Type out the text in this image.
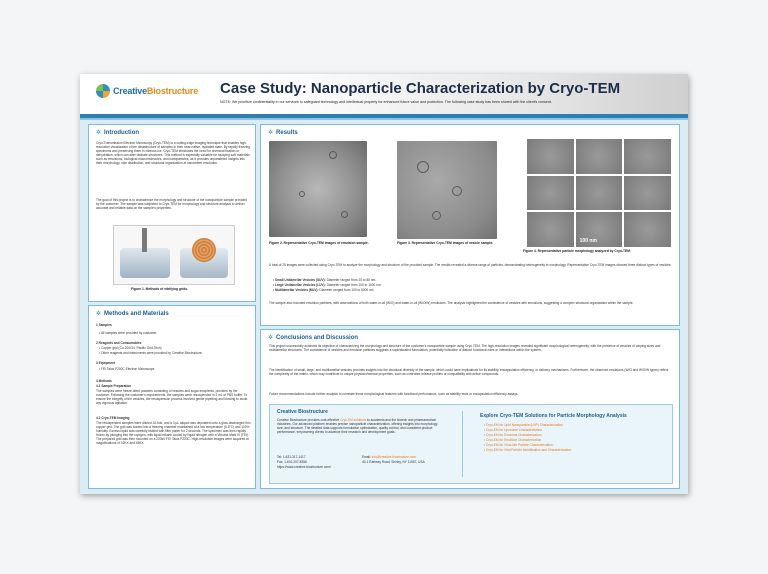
CreativeBiostructure Case Study: Nanoparticle Characterization by Cryo-TEM
NOTE: We prioritize confidentiality in our services to safeguard technology and intellectual property for enhanced future value and protection. The following case study has been shared with the client's consent.
✲ Introduction
Cryo-Transmission Electron Microscopy (Cryo-TEM) is a cutting-edge imaging technique that enables high-resolution visualization of the ultrastructure of samples in their near-native, hydrated state. By rapidly freezing specimens and preserving them in vitreous ice, Cryo-TEM eliminates the need for chemical fixation or dehydration, which can alter delicate structures. This method is especially valuable for studying soft materials such as emulsions, biological macromolecules, and nanoparticles, as it provides unparalleled insights into their morphology, size distribution, and structural organization at nanometer resolution.
The goal of this project is to characterize the morphology and structure of the nanoparticle sample provided by the customer. The sample was subjected to Cryo-TEM for morphology and structure analysis to deliver accurate and reliable data on the sample's properties.
Figure 1. Methods of vitrifying grids.
✲ Methods and Materials
1 Samples
• All samples were provided by customer.
2 Reagents and Consumables
• Copper grid (Cu-200CN, Pacific Grid-Tech)
• Other reagents and instruments were provided by Creative Biostructure.
3 Equipment
• FEI Talos F200C Electron Microscope
4 Methods
4.1 Sample Preparation
The samples were freeze-dried powders consisting of vesicles and sugar excipients, provided by the customer. Following the customer's requirements, the samples were resuspended in 2 mL of PBS buffer. To ensure the integrity of the vesicles, the resuspension process involved gentle pipetting and blowing to avoid any vigorous agitation.
4.2 Cryo-TEM Imaging
The resuspended samples were diluted 10-fold, and a 3 µL aliquot was deposited onto a glow-discharged thin copper grid. The grid was loaded into a freezing chamber maintained at a low temperature (5-8°C) and 100% humidity. Excess liquid was carefully blotted with filter paper for 2 seconds. The specimen was then rapidly frozen by plunging into the cryogen, with liquid ethane cooled by liquid nitrogen with a Vitrobot Mark IV (FEI). The prepared grid was then mounted on a 200kV FEI Talos F200C. High-resolution images were acquired at magnifications of 32KX and 45KX.
✲ Results
100 nm
Figure 2. Representative Cryo-TEM images of emulsion sample.	Figure 3. Representative Cryo-TEM images of vesicle sample.
Figure 4. Representative particle morphology analyzed by Cryo-TEM.
A total of 25 images were collected using Cryo-TEM to analyze the morphology and structure of the provided sample. The results revealed a diverse range of particles, demonstrating heterogeneity in morphology. Representative Cryo-TEM images showed three distinct types of vesicles:
• Small Unilamellar Vesicles (SUV): Diameter ranged from 20 to 80 nm.
• Large Unilamellar Vesicles (LUV): Diameter ranged from 100 to 1000 nm.
• Multilamellar Vesicles (MLV): Diameter ranged from 100 to 5000 nm.
The sample also included emulsion particles, with observations of both water-in-oil (W/O) and water-in-oil (W/O/W) emulsions. The analysis highlighted the coexistence of vesicles with emulsions, suggesting a complex structural organization within the sample.
✲ Conclusions and Discussion
This project successfully achieved its objective of characterizing the morphology and structure of the customer's nanoparticle sample using Cryo-TEM. The high-resolution images revealed significant morphological heterogeneity, with the presence of vesicles of varying sizes and multilamellar structures. The coexistence of vesicles and emulsion particles suggests a sophisticated formulation, potentially indicative of distinct functional roles or interactions within the system.
The identification of small, large, and multilamellar vesicles provides insights into the structural diversity of the sample, which could have implications for its stability, encapsulation efficiency, or delivery mechanisms. Furthermore, the observed emulsions (W/O and W/O/W types) reflect the complexity of the matrix, which may contribute to unique physicochemical properties, such as controlled release profiles or compatibility with active compounds.
Future recommendations include further analysis to correlate these morphological features with functional performance, such as stability tests or encapsulation efficiency assays.
Creative Biostructure
Creative Biostructure provides cost-effective Cryo-EM solutions to academia and the biotech and pharmaceutical industries. Our advanced platform enables precise nanoparticle characterization, offering insights into morphology, size, and structure. The detailed data supports formulation optimization, quality control, and consistent product performance, empowering clients to advance their research and development goals.
Tel: 1-631-317-1417
Fax: 1-631-207-8356
https://www.creative-biostructure.com/
Email: info@creative-biostructure.com
40-1 Ramsey Road, Shirley, NY 11967, USA
Explore Cryo-TEM Solutions for Particle Morphology Analysis
• Cryo-EM for Lipid Nanoparticle (LNP) Characterization
• Cryo-EM for Liposome Characterization
• Cryo-EM for Exosome Characterization
• Cryo-EM for Emulsion Characterization
• Cryo-EM for Virus-like Particle Characterization
• Cryo-EM for Viral Particle Identification and Characterization
